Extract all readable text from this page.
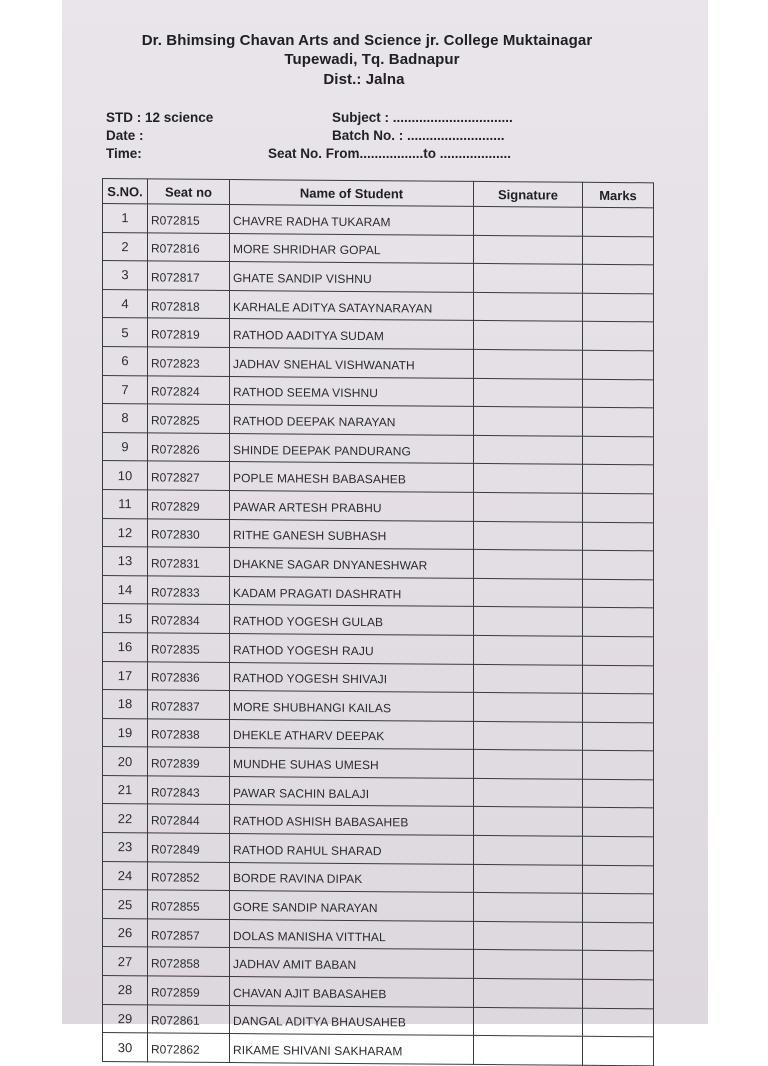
Dr. Bhimsing Chavan Arts and Science jr. College Muktainagar
Tupewadi, Tq. Badnapur
Dist.: Jalna
STD : 12 science
Date :
Time:
Subject : ................................
Batch No. : ..........................
Seat No. From.................to ...................
S.NO.	Seat no	Name of Student	Signature	Marks
1	R072815	CHAVRE RADHA TUKARAM		
2	R072816	MORE SHRIDHAR GOPAL		
3	R072817	GHATE SANDIP VISHNU		
4	R072818	KARHALE ADITYA SATAYNARAYAN		
5	R072819	RATHOD AADITYA SUDAM		
6	R072823	JADHAV SNEHAL VISHWANATH		
7	R072824	RATHOD SEEMA VISHNU		
8	R072825	RATHOD DEEPAK NARAYAN		
9	R072826	SHINDE DEEPAK PANDURANG		
10	R072827	POPLE MAHESH BABASAHEB		
11	R072829	PAWAR ARTESH PRABHU		
12	R072830	RITHE GANESH SUBHASH		
13	R072831	DHAKNE SAGAR DNYANESHWAR		
14	R072833	KADAM PRAGATI DASHRATH		
15	R072834	RATHOD YOGESH GULAB		
16	R072835	RATHOD YOGESH RAJU		
17	R072836	RATHOD YOGESH SHIVAJI		
18	R072837	MORE SHUBHANGI KAILAS		
19	R072838	DHEKLE ATHARV DEEPAK		
20	R072839	MUNDHE SUHAS UMESH		
21	R072843	PAWAR SACHIN BALAJI		
22	R072844	RATHOD ASHISH BABASAHEB		
23	R072849	RATHOD RAHUL SHARAD		
24	R072852	BORDE RAVINA DIPAK		
25	R072855	GORE SANDIP NARAYAN		
26	R072857	DOLAS MANISHA VITTHAL		
27	R072858	JADHAV AMIT BABAN		
28	R072859	CHAVAN AJIT BABASAHEB		
29	R072861	DANGAL ADITYA BHAUSAHEB		
30	R072862	RIKAME SHIVANI SAKHARAM		
